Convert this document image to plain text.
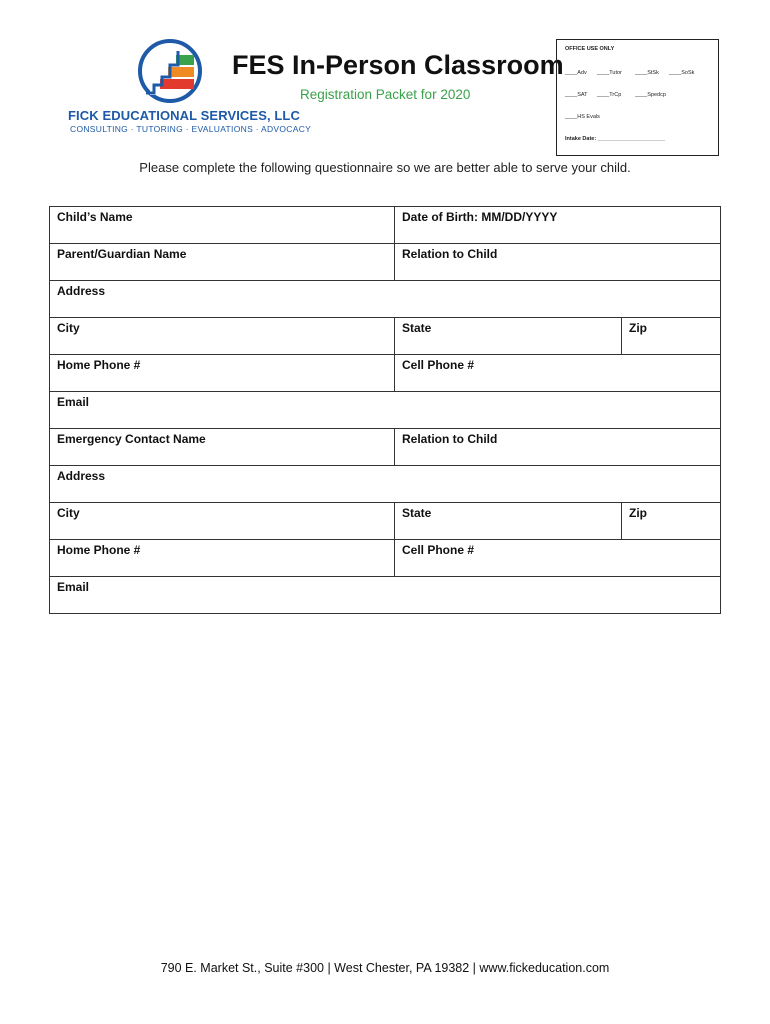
FICK EDUCATIONAL SERVICES, LLC
CONSULTING · TUTORING · EVALUATIONS · ADVOCACY
FES In-Person Classroom
Registration Packet for 2020
OFFICE USE ONLY
____Adv ____Tutor ____StSk ____SoSk
____SAT ____TrCp ____Spedcp
____HS Evals
Intake Date: ______________________
Please complete the following questionnaire so we are better able to serve your child.
Child’s Name	Date of Birth: MM/DD/YYYY	
Parent/Guardian Name	Relation to Child	
Address		
City	State	Zip
Home Phone #	Cell Phone #	
Email		
Emergency Contact Name	Relation to Child	
Address		
City	State	Zip
Home Phone #	Cell Phone #	
Email		
790 E. Market St., Suite #300 | West Chester, PA 19382 | www.fickeducation.com
